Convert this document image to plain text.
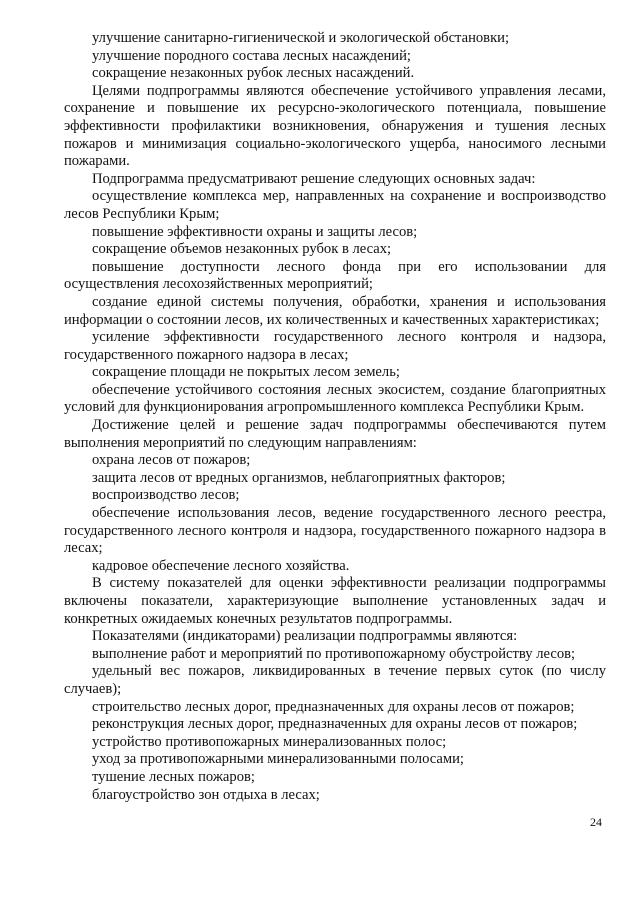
улучшение санитарно-гигиенической и экологической обстановки;

улучшение породного состава лесных насаждений;

сокращение незаконных рубок лесных насаждений.

Целями подпрограммы являются обеспечение устойчивого управления лесами, сохранение и повышение их ресурсно-экологического потенциала, повышение эффективности профилактики возникновения, обнаружения и тушения лесных пожаров и минимизация социально-экологического ущерба, наносимого лесными пожарами.

Подпрограмма предусматривают решение следующих основных задач:

осуществление комплекса мер, направленных на сохранение и воспроизводство лесов Республики Крым;

повышение эффективности охраны и защиты лесов;

сокращение объемов незаконных рубок в лесах;

повышение доступности лесного фонда при его использовании для осуществления лесохозяйственных мероприятий;

создание единой системы получения, обработки, хранения и использования информации о состоянии лесов, их количественных и качественных характеристиках;

усиление эффективности государственного лесного контроля и надзора, государственного пожарного надзора в лесах;

сокращение площади не покрытых лесом земель;

обеспечение устойчивого состояния лесных экосистем, создание благоприятных условий для функционирования агропромышленного комплекса Республики Крым.

Достижение целей и решение задач подпрограммы обеспечиваются путем выполнения мероприятий по следующим направлениям:

охрана лесов от пожаров;

защита лесов от вредных организмов, неблагоприятных факторов;

воспроизводство лесов;

обеспечение использования лесов, ведение государственного лесного реестра, государственного лесного контроля и надзора, государственного пожарного надзора в лесах;

кадровое обеспечение лесного хозяйства.

В систему показателей для оценки эффективности реализации подпрограммы включены показатели, характеризующие выполнение установленных задач и конкретных ожидаемых конечных результатов подпрограммы.

Показателями (индикаторами) реализации подпрограммы являются:

выполнение работ и мероприятий по противопожарному обустройству лесов;

удельный вес пожаров, ликвидированных в течение первых суток (по числу случаев);

строительство лесных дорог, предназначенных для охраны лесов от пожаров;

реконструкция лесных дорог, предназначенных для охраны лесов от пожаров;

устройство противопожарных минерализованных полос;

уход за противопожарными минерализованными полосами;

тушение лесных пожаров;

благоустройство зон отдыха в лесах;

24
